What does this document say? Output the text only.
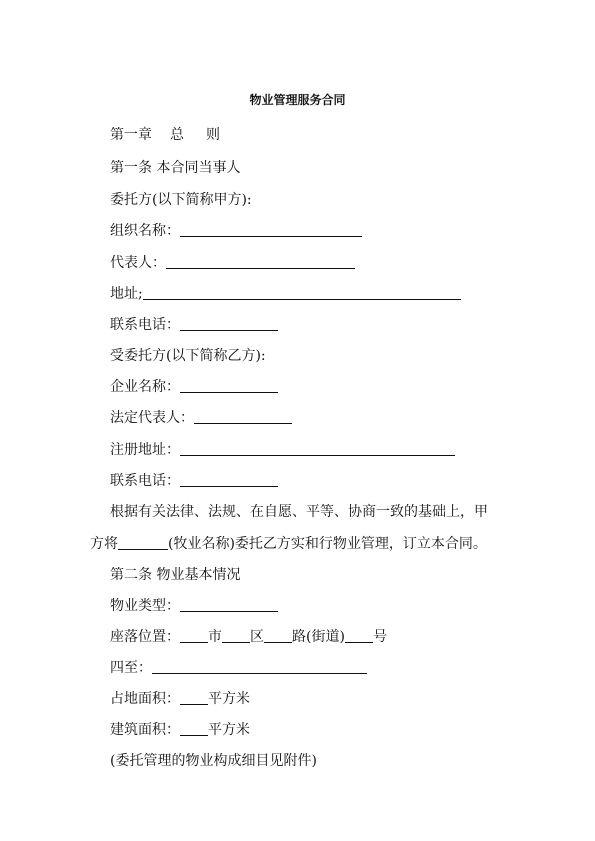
物业管理服务合同
第一章 总 则
第一条 本合同当事人
委托方(以下简称甲方):
组织名称：
代表人：
地址;
联系电话：
受委托方(以下简称乙方):
企业名称：
法定代表人：
注册地址：
联系电话：
根据有关法律、法规、在自愿、平等、协商一致的基础上，甲
方将	(牧业名称)委托乙方实和行物业管理，订立本合同。
第二条 物业基本情况
物业类型：
座落位置： 市 区 路(街道) 号
四至：
占地面积： 平方米
建筑面积： 平方米
(委托管理的物业构成细目见附件)
